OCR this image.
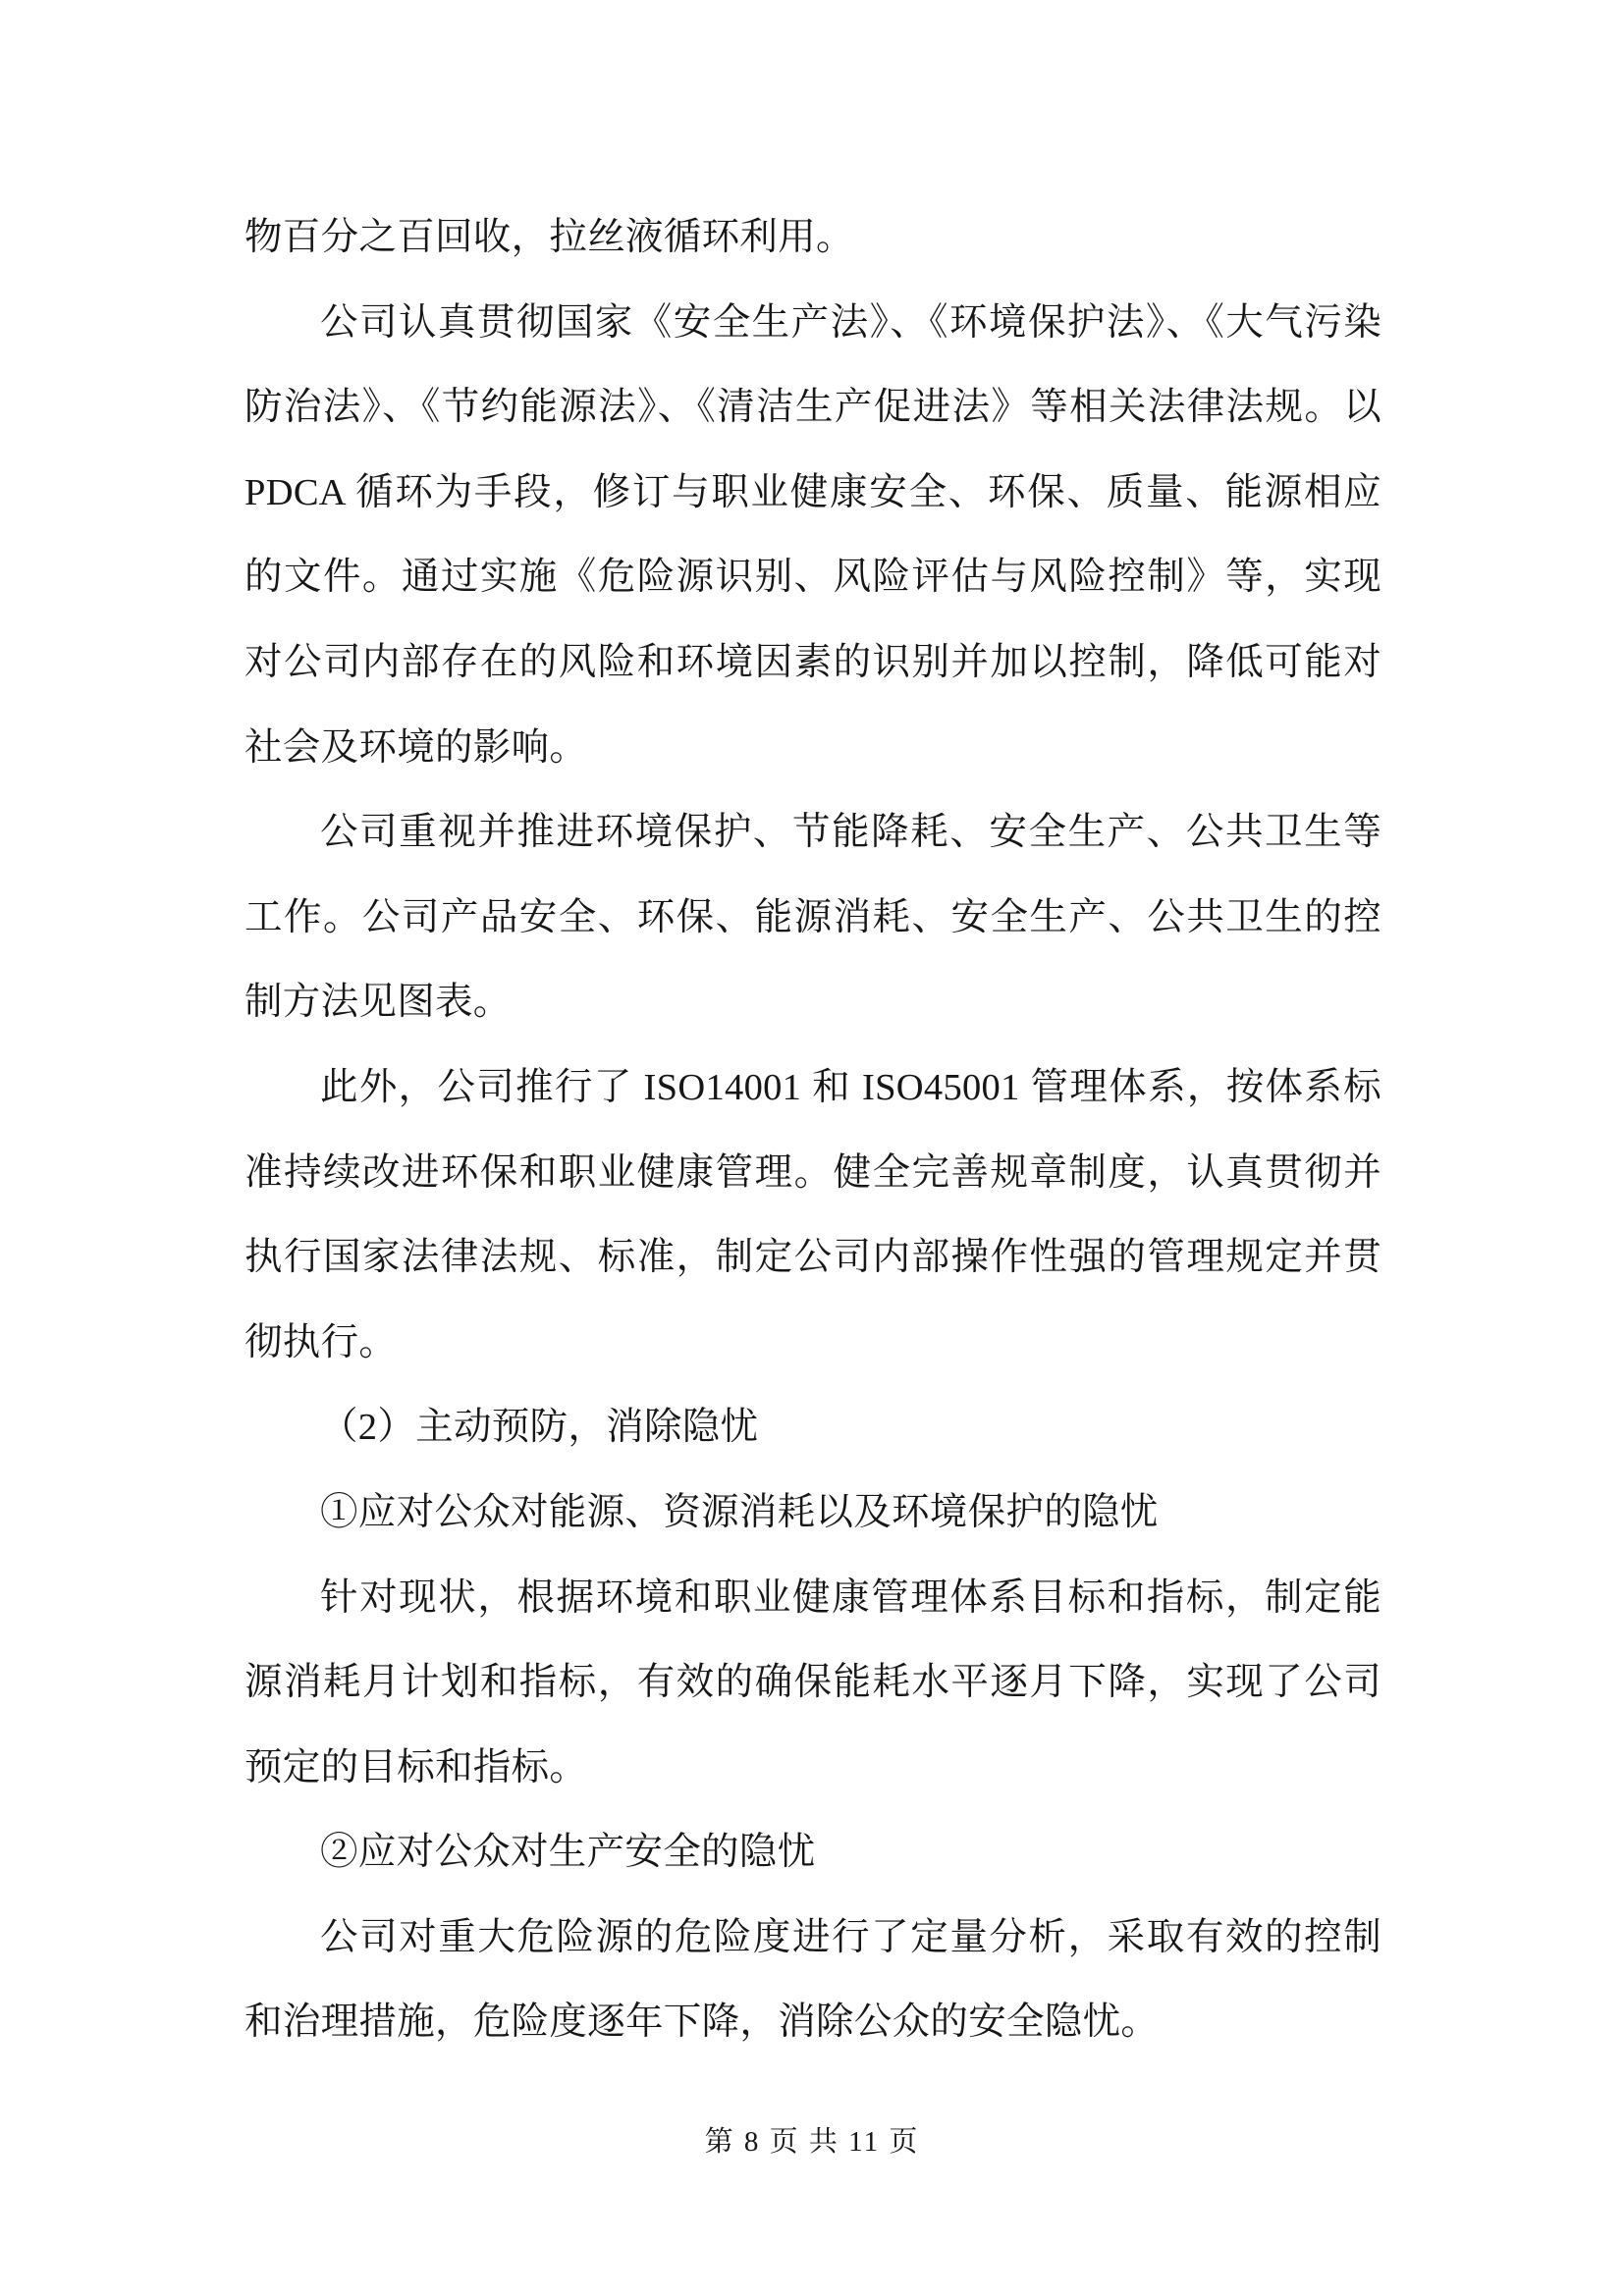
物百分之百回收，拉丝液循环利用。

公司认真贯彻国家《安全生产法》、《环境保护法》、《大气污染防治法》、《节约能源法》、《清洁生产促进法》等相关法律法规。以 PDCA 循环为手段，修订与职业健康安全、环保、质量、能源相应的文件。通过实施《危险源识别、风险评估与风险控制》等，实现对公司内部存在的风险和环境因素的识别并加以控制，降低可能对社会及环境的影响。

公司重视并推进环境保护、节能降耗、安全生产、公共卫生等工作。公司产品安全、环保、能源消耗、安全生产、公共卫生的控制方法见图表。

此外，公司推行了 ISO14001 和 ISO45001 管理体系，按体系标准持续改进环保和职业健康管理。健全完善规章制度，认真贯彻并执行国家法律法规、标准，制定公司内部操作性强的管理规定并贯彻执行。

（2）主动预防，消除隐忧

①应对公众对能源、资源消耗以及环境保护的隐忧

针对现状，根据环境和职业健康管理体系目标和指标，制定能源消耗月计划和指标，有效的确保能耗水平逐月下降，实现了公司预定的目标和指标。

②应对公众对生产安全的隐忧

公司对重大危险源的危险度进行了定量分析，采取有效的控制和治理措施，危险度逐年下降，消除公众的安全隐忧。

第 8 页 共 11 页
